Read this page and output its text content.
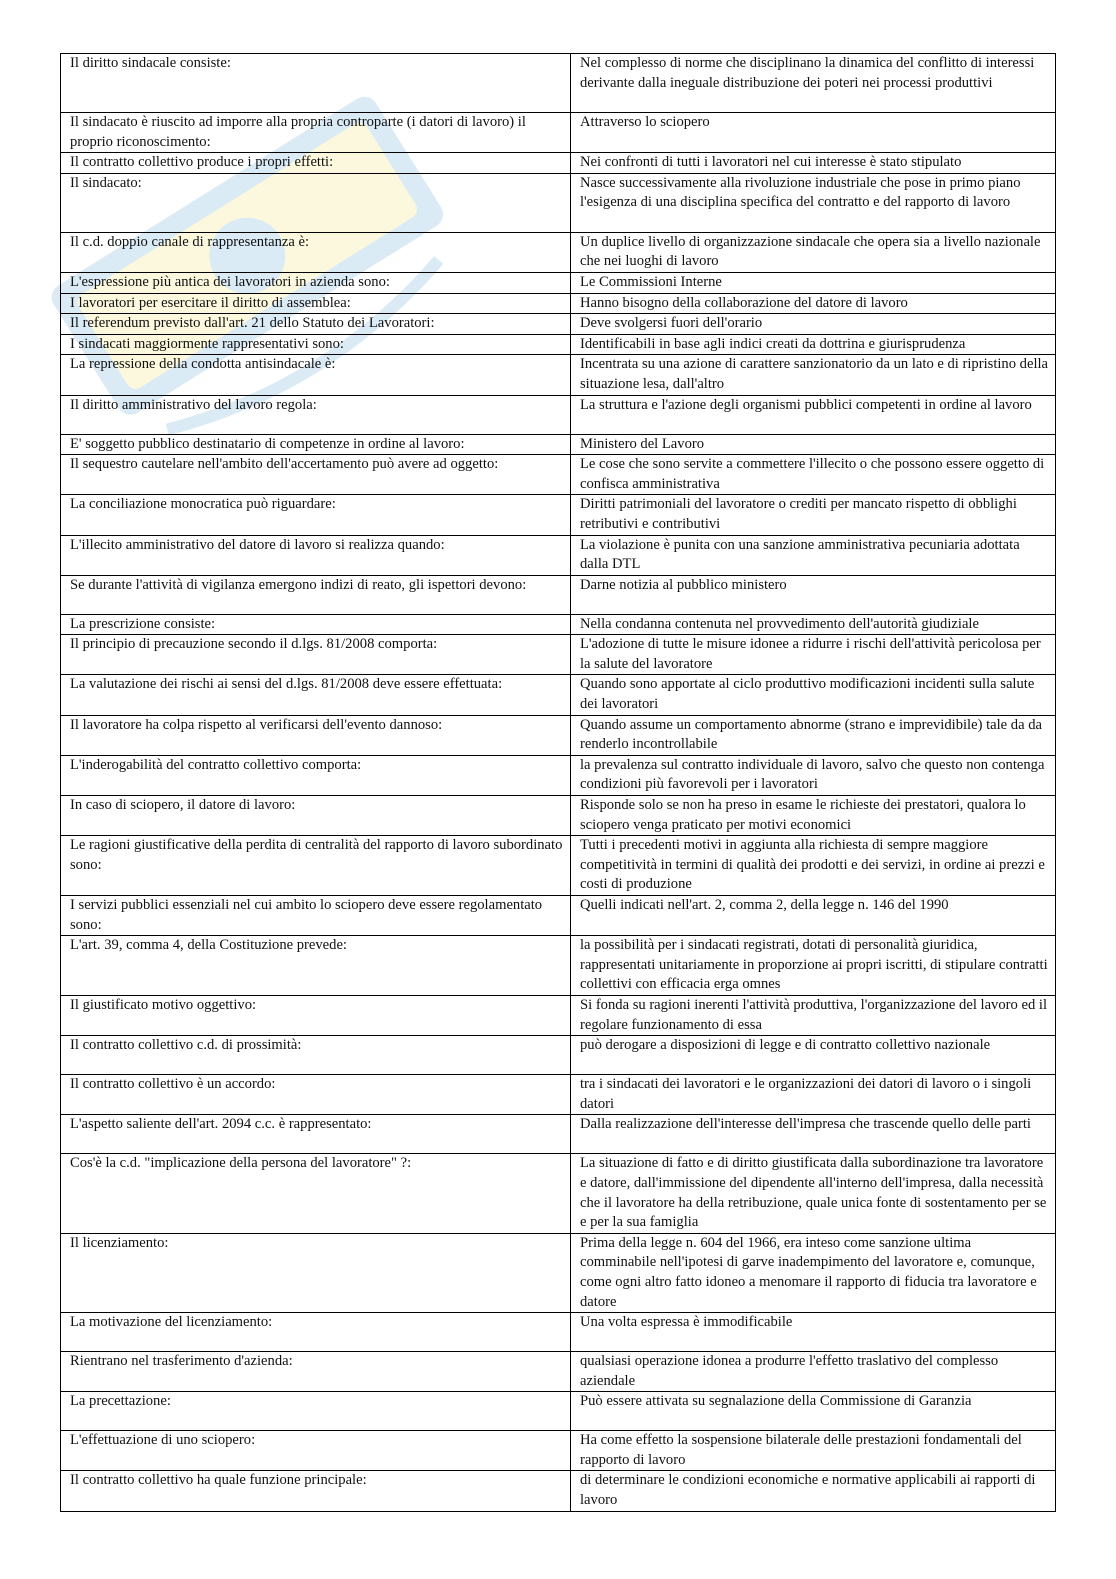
Il diritto sindacale consiste:	Nel complesso di norme che disciplinano la dinamica del conflitto di interessi derivante dalla ineguale distribuzione dei poteri nei processi produttivi
Il sindacato è riuscito ad imporre alla propria controparte (i datori di lavoro) il proprio riconoscimento:	Attraverso lo sciopero
Il contratto collettivo produce i propri effetti:	Nei confronti di tutti i lavoratori nel cui interesse è stato stipulato
Il sindacato:	Nasce successivamente alla rivoluzione industriale che pose in primo piano l'esigenza di una disciplina specifica del contratto e del rapporto di lavoro
Il c.d. doppio canale di rappresentanza è:	Un duplice livello di organizzazione sindacale che opera sia a livello nazionale che nei luoghi di lavoro
L'espressione più antica dei lavoratori in azienda sono:	Le Commissioni Interne
I lavoratori per esercitare il diritto di assemblea:	Hanno bisogno della collaborazione del datore di lavoro
Il referendum previsto dall'art. 21 dello Statuto dei Lavoratori:	Deve svolgersi fuori dell'orario
I sindacati maggiormente rappresentativi sono:	Identificabili in base agli indici creati da dottrina e giurisprudenza
La repressione della condotta antisindacale è:	Incentrata su una azione di carattere sanzionatorio da un lato e di ripristino della situazione lesa, dall'altro
Il diritto amministrativo del lavoro regola:	La struttura e l'azione degli organismi pubblici competenti in ordine al lavoro
E' soggetto pubblico destinatario di competenze in ordine al lavoro:	Ministero del Lavoro
Il sequestro cautelare nell'ambito dell'accertamento può avere ad oggetto:	Le cose che sono servite a commettere l'illecito o che possono essere oggetto di confisca amministrativa
La conciliazione monocratica può riguardare:	Diritti patrimoniali del lavoratore o crediti per mancato rispetto di obblighi retributivi e contributivi
L'illecito amministrativo del datore di lavoro si realizza quando:	La violazione è punita con una sanzione amministrativa pecuniaria adottata dalla DTL
Se durante l'attività di vigilanza emergono indizi di reato, gli ispettori devono:	Darne notizia al pubblico ministero
La prescrizione consiste:	Nella condanna contenuta nel provvedimento dell'autorità giudiziale
Il principio di precauzione secondo il d.lgs. 81/2008 comporta:	L'adozione di tutte le misure idonee a ridurre i rischi dell'attività pericolosa per la salute del lavoratore
La valutazione dei rischi ai sensi del d.lgs. 81/2008 deve essere effettuata:	Quando sono apportate al ciclo produttivo modificazioni incidenti sulla salute dei lavoratori
Il lavoratore ha colpa rispetto al verificarsi dell'evento dannoso:	Quando assume un comportamento abnorme (strano e imprevidibile) tale da da renderlo incontrollabile
L'inderogabilità del contratto collettivo comporta:	la prevalenza sul contratto individuale di lavoro, salvo che questo non contenga condizioni più favorevoli per i lavoratori
In caso di sciopero, il datore di lavoro:	Risponde solo se non ha preso in esame le richieste dei prestatori, qualora lo sciopero venga praticato per motivi economici
Le ragioni giustificative della perdita di centralità del rapporto di lavoro subordinato sono:	Tutti i precedenti motivi in aggiunta alla richiesta di sempre maggiore competitività in termini di qualità dei prodotti e dei servizi, in ordine ai prezzi e costi di produzione
I servizi pubblici essenziali nel cui ambito lo sciopero deve essere regolamentato sono:	Quelli indicati nell'art. 2, comma 2, della legge n. 146 del 1990
L'art. 39, comma 4, della Costituzione prevede:	la possibilità per i sindacati registrati, dotati di personalità giuridica, rappresentati unitariamente in proporzione ai propri iscritti, di stipulare contratti collettivi con efficacia erga omnes
Il giustificato motivo oggettivo:	Si fonda su ragioni inerenti l'attività produttiva, l'organizzazione del lavoro ed il regolare funzionamento di essa
Il contratto collettivo c.d. di prossimità:	può derogare a disposizioni di legge e di contratto collettivo nazionale
Il contratto collettivo è un accordo:	tra i sindacati dei lavoratori e le organizzazioni dei datori di lavoro o i singoli datori
L'aspetto saliente dell'art. 2094 c.c. è rappresentato:	Dalla realizzazione dell'interesse dell'impresa che trascende quello delle parti
Cos'è la c.d. "implicazione della persona del lavoratore" ?:	La situazione di fatto e di diritto giustificata dalla subordinazione tra lavoratore e datore, dall'immissione del dipendente all'interno dell'impresa, dalla necessità che il lavoratore ha della retribuzione, quale unica fonte di sostentamento per se e per la sua famiglia
Il licenziamento:	Prima della legge n. 604 del 1966, era inteso come sanzione ultima comminabile nell'ipotesi di garve inadempimento del lavoratore e, comunque, come ogni altro fatto idoneo a menomare il rapporto di fiducia tra lavoratore e datore
La motivazione del licenziamento:	Una volta espressa è immodificabile
Rientrano nel trasferimento d'azienda:	qualsiasi operazione idonea a produrre l'effetto traslativo del complesso aziendale
La precettazione:	Può essere attivata su segnalazione della Commissione di Garanzia
L'effettuazione di uno sciopero:	Ha come effetto la sospensione bilaterale delle prestazioni fondamentali del rapporto di lavoro
Il contratto collettivo ha quale funzione principale:	di determinare le condizioni economiche e normative applicabili ai rapporti di lavoro
